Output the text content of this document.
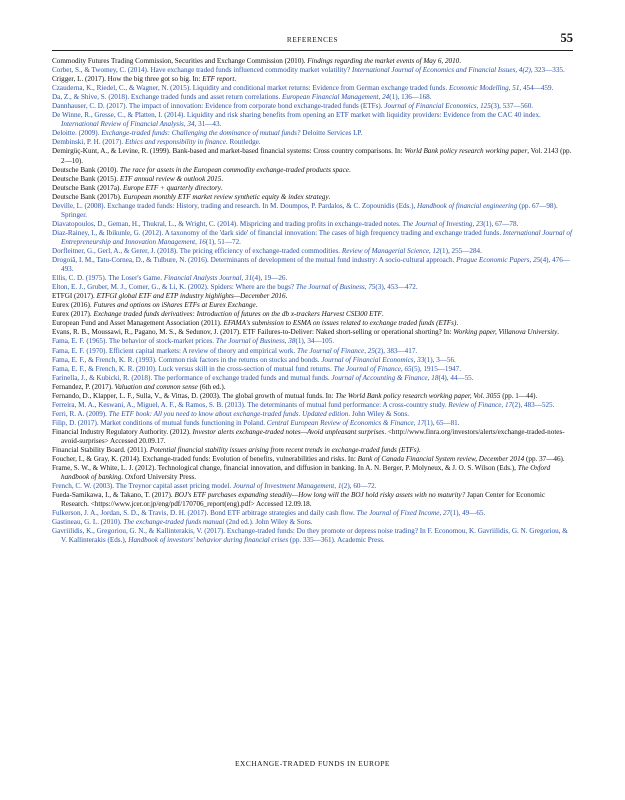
REFERENCES	55

Commodity Futures Trading Commission, Securities and Exchange Commission (2010). Findings regarding the market events of May 6, 2010.

Corbet, S., & Twomey, C. (2014). Have exchange traded funds influenced commodity market volatility? International Journal of Economics and Financial Issues, 4(2), 323—335.

Crigger, L. (2017). How the big three got so big. In: ETF report.

Czauderna, K., Riedel, C., & Wagner, N. (2015). Liquidity and conditional market returns: Evidence from German exchange traded funds. Economic Modelling, 51, 454—459.

Da, Z., & Shive, S. (2018). Exchange traded funds and asset return correlations. European Financial Management, 24(1), 136—168.

Dannhauser, C. D. (2017). The impact of innovation: Evidence from corporate bond exchange-traded funds (ETFs). Journal of Financial Economics, 125(3), 537—560.

De Winne, R., Gresse, C., & Platten, I. (2014). Liquidity and risk sharing benefits from opening an ETF market with liquidity providers: Evidence from the CAC 40 index. International Review of Financial Analysis, 34, 31—43.

Deloitte. (2009). Exchange-traded funds: Challenging the dominance of mutual funds? Deloitte Services LP.

Dembinski, P. H. (2017). Ethics and responsibility in finance. Routledge.

Demirgüç-Kunt, A., & Levine, R. (1999). Bank-based and market-based financial systems: Cross country comparisons. In: World Bank policy research working paper, Vol. 2143 (pp. 2—10).

Deutsche Bank (2010). The race for assets in the European commodity exchange-traded products space.

Deutsche Bank (2015). ETF annual review & outlook 2015.

Deutsche Bank (2017a). Europe ETF + quarterly directory.

Deutsche Bank (2017b). European monthly ETF market review synthetic equity & index strategy.

Deville, L. (2008). Exchange traded funds: History, trading and research. In M. Doumpos, P. Pardalos, & C. Zopounidis (Eds.), Handbook of financial engineering (pp. 67—98). Springer.

Diavatopoulos, D., Geman, H., Thukral, L., & Wright, C. (2014). Mispricing and trading profits in exchange-traded notes. The Journal of Investing, 23(1), 67—78.

Diaz-Rainey, I., & Ibikunle, G. (2012). A taxonomy of the 'dark side' of financial innovation: The cases of high frequency trading and exchange traded funds. International Journal of Entrepreneurship and Innovation Management, 16(1), 51—72.

Dorfleitner, G., Gerl, A., & Gerer, J. (2018). The pricing efficiency of exchange-traded commodities. Review of Managerial Science, 12(1), 255—284.

Drogoiă, I. M., Tatu-Cornea, D., & Tulbure, N. (2016). Determinants of development of the mutual fund industry: A socio-cultural approach. Prague Economic Papers, 25(4), 476—493.

Ellis, C. D. (1975). The Loser's Game. Financial Analysts Journal, 31(4), 19—26.

Elton, E. J., Gruber, M. J., Comer, G., & Li, K. (2002). Spiders: Where are the bugs? The Journal of Business, 75(3), 453—472.

ETFGI (2017). ETFGI global ETF and ETP industry highlights—December 2016.

Eurex (2016). Futures and options on iShares ETFs at Eurex Exchange.

Eurex (2017). Exchange traded funds derivatives: Introduction of futures on the db x-trackers Harvest CSI300 ETF.

European Fund and Asset Management Association (2011). EFAMA's submission to ESMA on issues related to exchange traded funds (ETFs).

Evans, R. B., Moussawi, R., Pagano, M. S., & Sedunov, J. (2017). ETF Failures-to-Deliver: Naked short-selling or operational shorting? In: Working paper, Villanova University.

Fama, E. F. (1965). The behavior of stock-market prices. The Journal of Business, 38(1), 34—105.

Fama, E. F. (1970). Efficient capital markets: A review of theory and empirical work. The Journal of Finance, 25(2), 383—417.

Fama, E. F., & French, K. R. (1993). Common risk factors in the returns on stocks and bonds. Journal of Financial Economics, 33(1), 3—56.

Fama, E. F., & French, K. R. (2010). Luck versus skill in the cross-section of mutual fund returns. The Journal of Finance, 65(5), 1915—1947.

Farinella, J., & Kubicki, R. (2018). The performance of exchange traded funds and mutual funds. Journal of Accounting & Finance, 18(4), 44—55.

Fernandez, P. (2017). Valuation and common sense (6th ed.).

Fernando, D., Klapper, L. F., Sulla, V., & Vittas, D. (2003). The global growth of mutual funds. In: The World Bank policy research working paper, Vol. 3055 (pp. 1—44).

Ferreira, M. A., Keswani, A., Miguel, A. F., & Ramos, S. B. (2013). The determinants of mutual fund performance: A cross-country study. Review of Finance, 17(2), 483—525.

Ferri, R. A. (2009). The ETF book: All you need to know about exchange-traded funds. Updated edition. John Wiley & Sons.

Filip, D. (2017). Market conditions of mutual funds functioning in Poland. Central European Review of Economics & Finance, 17(1), 65—81.

Financial Industry Regulatory Authority. (2012). Investor alerts exchange-traded notes—Avoid unpleasant surprises. <http://www.finra.org/investors/alerts/exchange-traded-notes-avoid-surprises> Accessed 20.09.17.

Financial Stability Board. (2011). Potential financial stability issues arising from recent trends in exchange-traded funds (ETFs).

Foucher, I., & Gray, K. (2014). Exchange-traded funds: Evolution of benefits, vulnerabilities and risks. In: Bank of Canada Financial System review, December 2014 (pp. 37—46).

Frame, S. W., & White, L. J. (2012). Technological change, financial innovation, and diffusion in banking. In A. N. Berger, P. Molyneux, & J. O. S. Wilson (Eds.), The Oxford handbook of banking. Oxford University Press.

French, C. W. (2003). The Treynor capital asset pricing model. Journal of Investment Management, 1(2), 60—72.

Fueda-Samikawa, I., & Takano, T. (2017). BOJ's ETF purchases expanding steadily—How long will the BOJ hold risky assets with no maturity? Japan Center for Economic Research. <https://www.jcer.or.jp/eng/pdf/170706_report(eng).pdf> Accessed 12.09.18.

Fulkerson, J. A., Jordan, S. D., & Travis, D. H. (2017). Bond ETF arbitrage strategies and daily cash flow. The Journal of Fixed Income, 27(1), 49—65.

Gastineau, G. L. (2010). The exchange-traded funds manual (2nd ed.). John Wiley & Sons.

Gavriilidis, K., Gregoriou, G. N., & Kallinterakis, V. (2017). Exchange-traded funds: Do they promote or depress noise trading? In F. Economou, K. Gavriilidis, G. N. Gregoriou, & V. Kallinterakis (Eds.), Handbook of investors' behavior during financial crises (pp. 335—361). Academic Press.

EXCHANGE-TRADED FUNDS IN EUROPE
